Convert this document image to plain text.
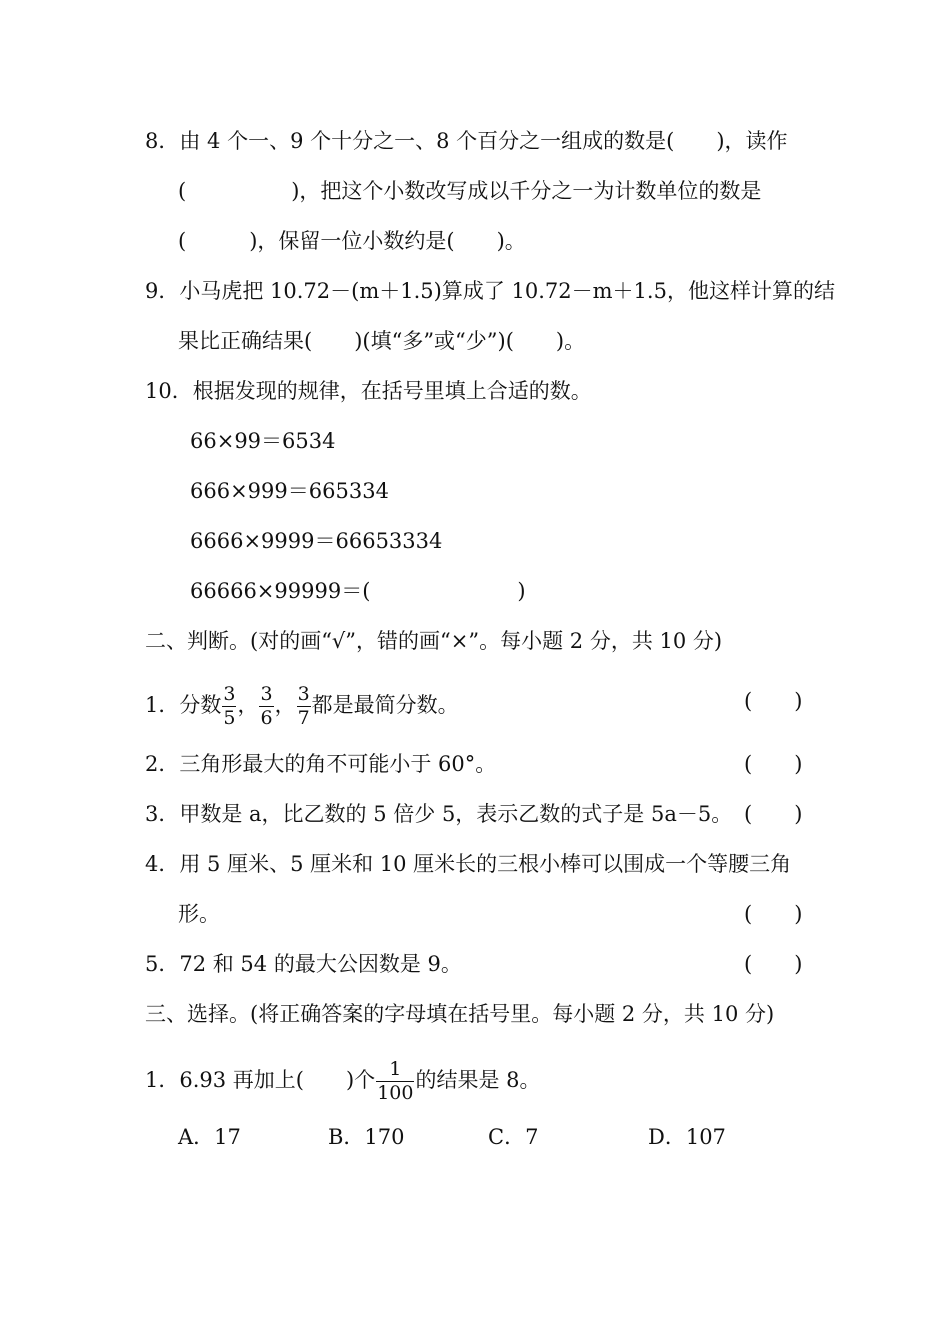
8．由 4 个一、9 个十分之一、8 个百分之一组成的数是(  )，读作
(     )，把这个小数改写成以千分之一为计数单位的数是
(   )，保留一位小数约是(  )。
9．小马虎把 10.72－(m＋1.5)算成了 10.72－m＋1.5，他这样计算的结
果比正确结果(  )(填“多”或“少”)(  )。
10．根据发现的规律，在括号里填上合适的数。
66×99＝6534
666×999＝665334
6666×9999＝66653334
66666×99999＝(       )
二、判断。(对的画“√”，错的画“×”。每小题 2 分，共 10 分)
1．分数 $\frac{3}{5}$ ， $\frac{3}{6}$ ， $\frac{3}{7}$ 都是最简分数。	(  )
2．三角形最大的角不可能小于 60°。	(  )
3．甲数是 a，比乙数的 5 倍少 5，表示乙数的式子是 5a－5。 (  )
4．用 5 厘米、5 厘米和 10 厘米长的三根小棒可以围成一个等腰三角
形。	(  )
5．72 和 54 的最大公因数是 9。	(  )
三、选择。(将正确答案的字母填在括号里。每小题 2 分，共 10 分)
1．6.93 再加上(  )个 $\frac{1}{100}$ 的结果是 8。
A．17	B．170	C．7	D．107
